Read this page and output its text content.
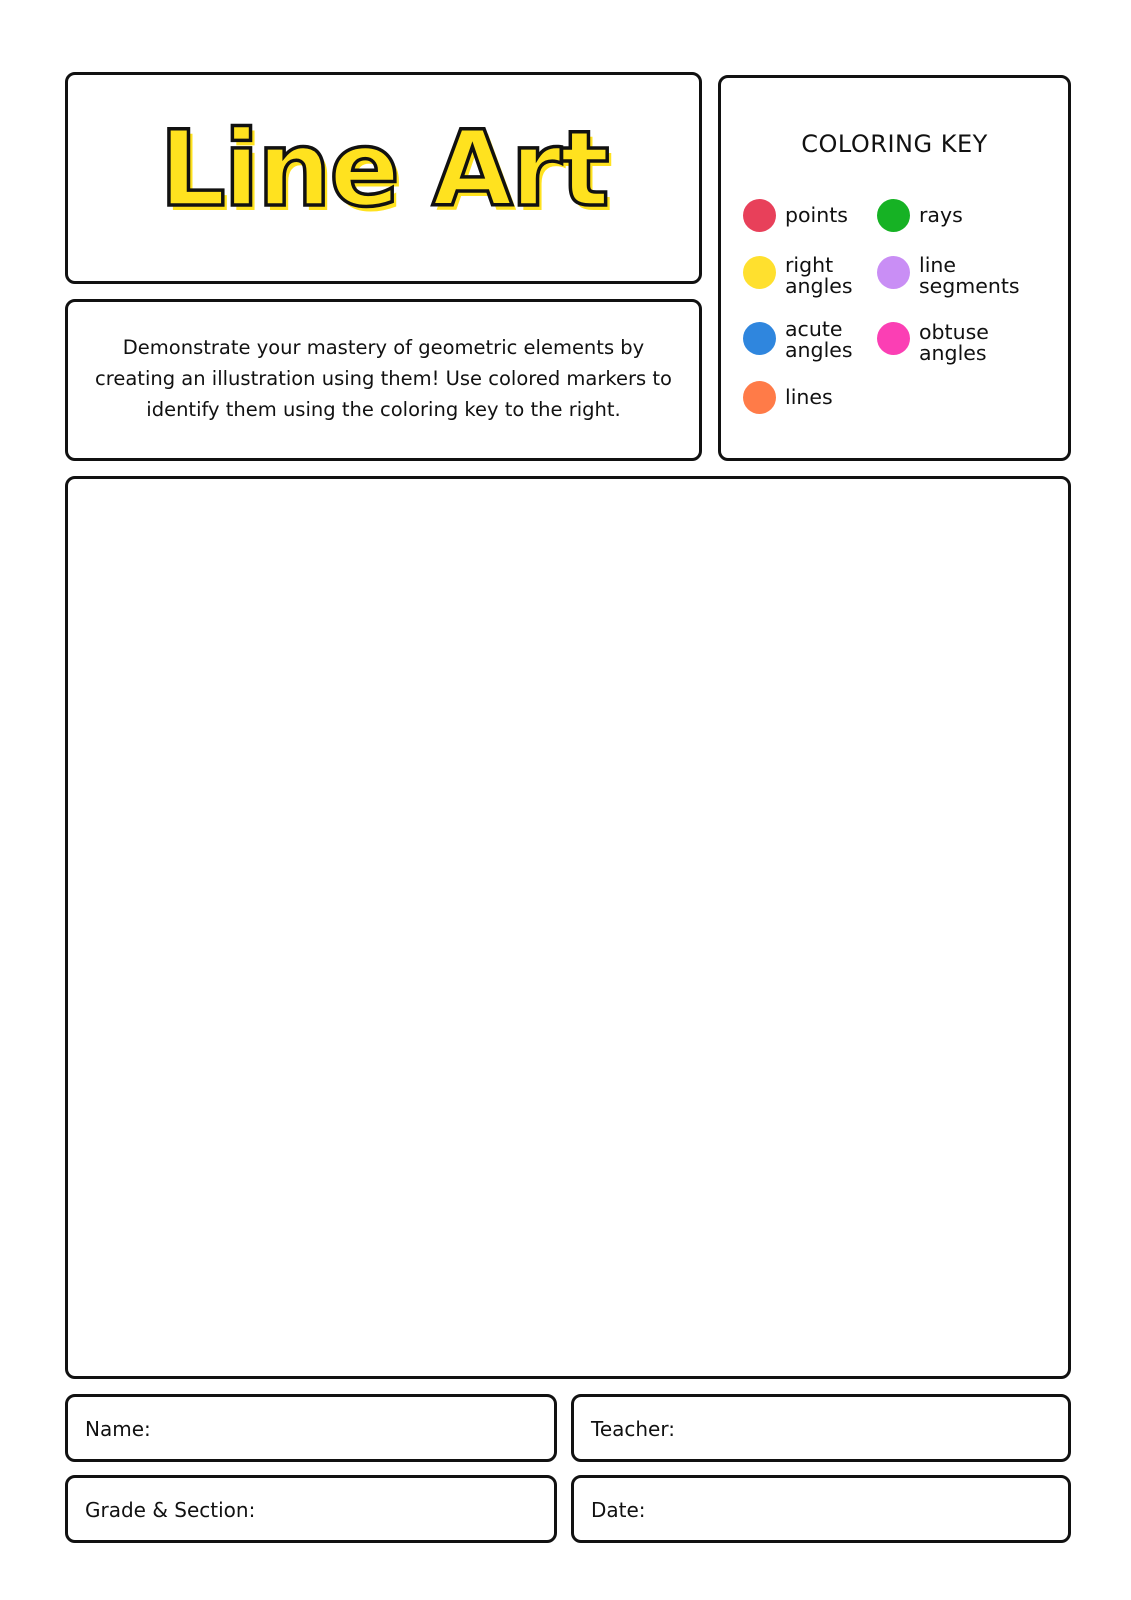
Line Art
Demonstrate your mastery of geometric elements by creating an illustration using them! Use colored markers to identify them using the coloring key to the right.
COLORING KEY
points	rays
right
angles
line
segments
acute
angles
obtuse
angles
lines
Name:	Teacher:
Grade & Section:	Date:
